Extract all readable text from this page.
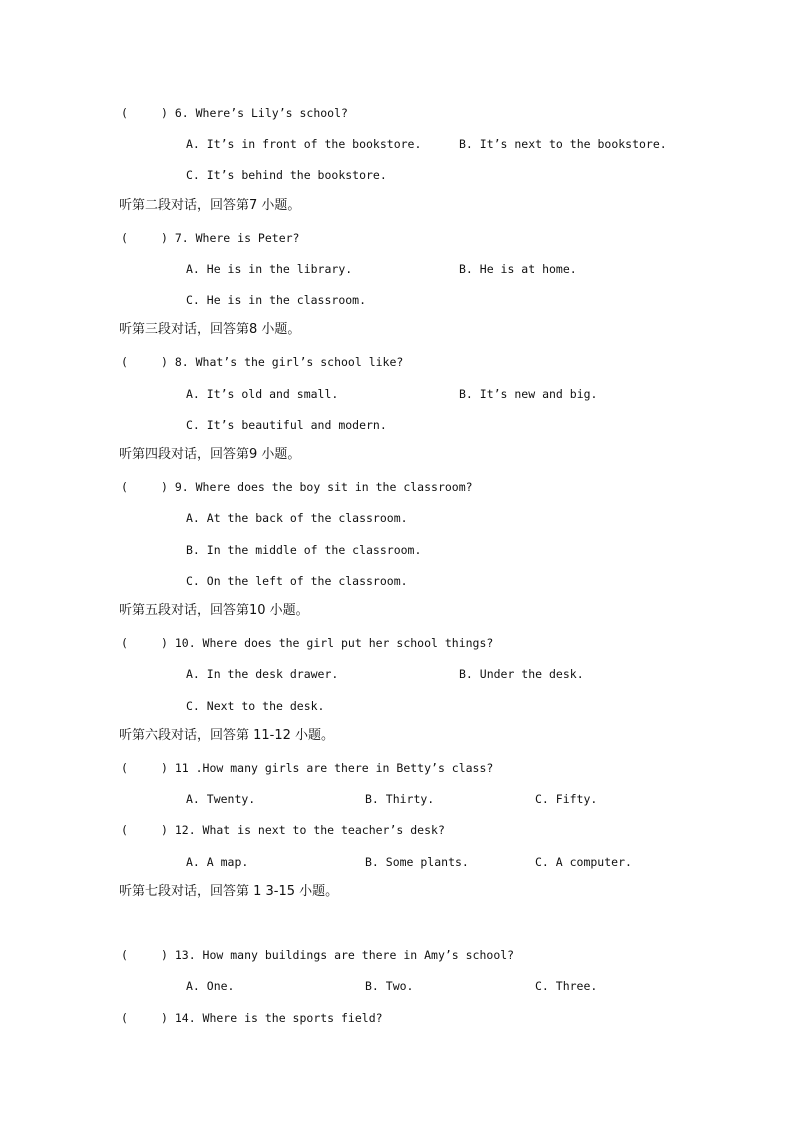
(	) 6. Where’s Lily’s school?
A. It’s in front of the bookstore.	B. It’s next to the bookstore.
C. It’s behind the bookstore.
听第二段对话，回答第7 小题。
(	) 7. Where is Peter?
A. He is in the library.	B. He is at home.
C. He is in the classroom.
听第三段对话，回答第8 小题。
(	) 8. What’s the girl’s school like?
A. It’s old and small.	B. It’s new and big.
C. It’s beautiful and modern.
听第四段对话，回答第9 小题。
(	) 9. Where does the boy sit in the classroom?
A. At the back of the classroom.
B. In the middle of the classroom.
C. On the left of the classroom.
听第五段对话，回答第10 小题。
(	) 10. Where does the girl put her school things?
A. In the desk drawer.	B. Under the desk.
C. Next to the desk.
听第六段对话，回答第 11-12 小题。
(	) 11 .How many girls are there in Betty’s class?
A. Twenty.	B. Thirty.	C. Fifty.
(	) 12. What is next to the teacher’s desk?
A. A map.	B. Some plants.	C. A computer.
听第七段对话，回答第 1 3-15 小题。
(	) 13. How many buildings are there in Amy’s school?
A. One.	B. Two.	C. Three.
(	) 14. Where is the sports field?
